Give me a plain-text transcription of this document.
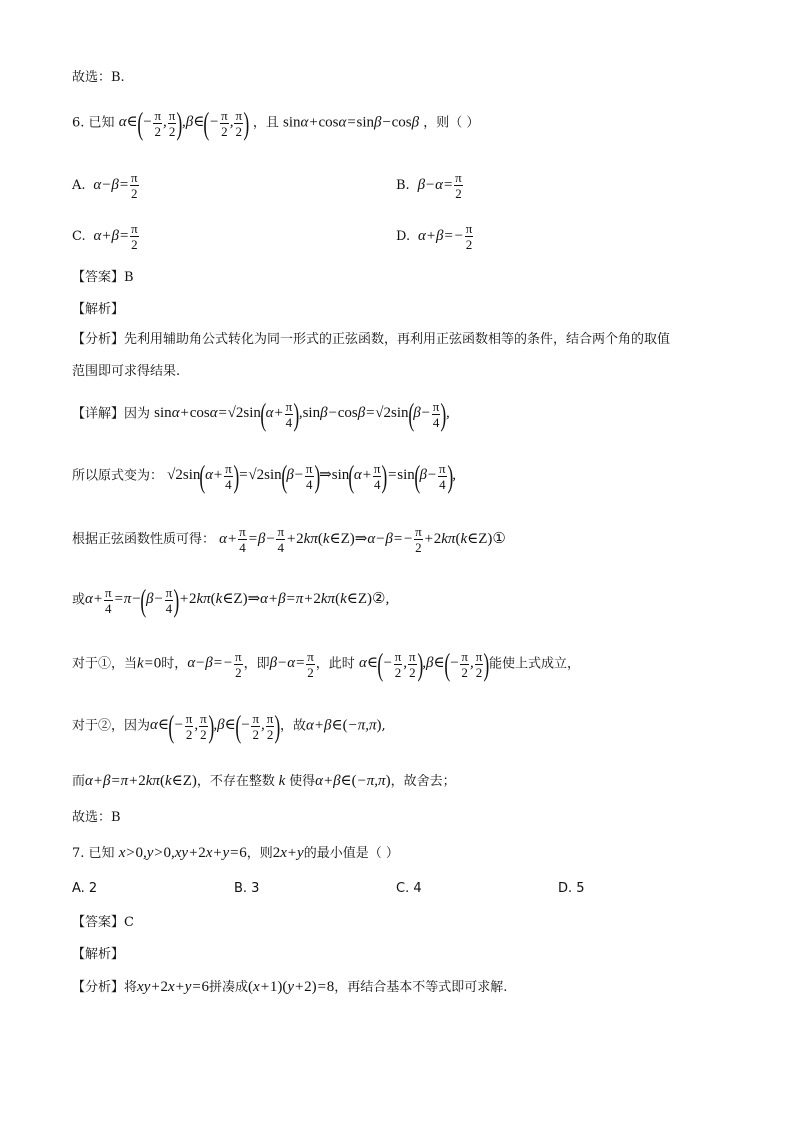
故选：B.
6. 已知 α∈(− $\frac{\pi}{2}$ , $\frac{\pi}{2}$ ),β∈(− $\frac{\pi}{2}$ , $\frac{\pi}{2}$ ) ，且 sinα+cosα=sinβ−cosβ ，则（ ）
A.  $\alpha-\beta= \frac{\pi}{2}$	B.  $\beta-\alpha= \frac{\pi}{2}$
C.  $\alpha+\beta= \frac{\pi}{2}$	D.  $\alpha+\beta=- \frac{\pi}{2}$
【答案】B
【解析】
【分析】先利用辅助角公式转化为同一形式的正弦函数，再利用正弦函数相等的条件，结合两个角的取值
范围即可求得结果.
【详解】因为 $\sin\alpha+\cos\alpha=√2\sin(\alpha+ \frac{\pi}{4} ),\sin\beta-\cos\beta=√2\sin(\beta- \frac{\pi}{4}$ ),
所以原式变为： $√2\sin(\alpha+ \frac{\pi}{4} )=√2\sin(\beta- \frac{\pi}{4}$ )⇒sin(α+ $\frac{\pi}{4} )=\sin(\beta- \frac{\pi}{4}$ ),
根据正弦函数性质可得： $\alpha+ \frac{\pi}{4} =\beta- \frac{\pi}{4}$ +2kπ(k∈Z)⇒α−β=− $\frac{\pi}{2}$ +2kπ(k∈Z)①
或$\alpha+ \frac{\pi}{4} =\pi-(\beta- \frac{\pi}{4}$ )+2kπ(k∈Z)⇒α+β=π+2kπ(k∈Z)②,
对于①，当k=0时，$\alpha-\beta=- \frac{\pi}{2}$ ，即$\beta-\alpha= \frac{\pi}{2}$ ，此时 α∈(− $\frac{\pi}{2}$ , $\frac{\pi}{2}$ ),β∈(− $\frac{\pi}{2}$ , $\frac{\pi}{2}$ )能使上式成立，
对于②，因为α∈(− $\frac{\pi}{2}$ , $\frac{\pi}{2}$ ),β∈(− $\frac{\pi}{2}$ , $\frac{\pi}{2}$ )，故α+β∈(−π,π),
而α+β=π+2kπ(k∈Z)，不存在整数 k 使得α+β∈(−π,π)，故舍去；
故选：B
7. 已知 x>0,y>0,xy+2x+y=6，则2x+y的最小值是（ ）
A. 2	B. 3	C. 4	D. 5
【答案】C
【解析】
【分析】将xy+2x+y=6拼凑成(x+1)(y+2)=8，再结合基本不等式即可求解.
